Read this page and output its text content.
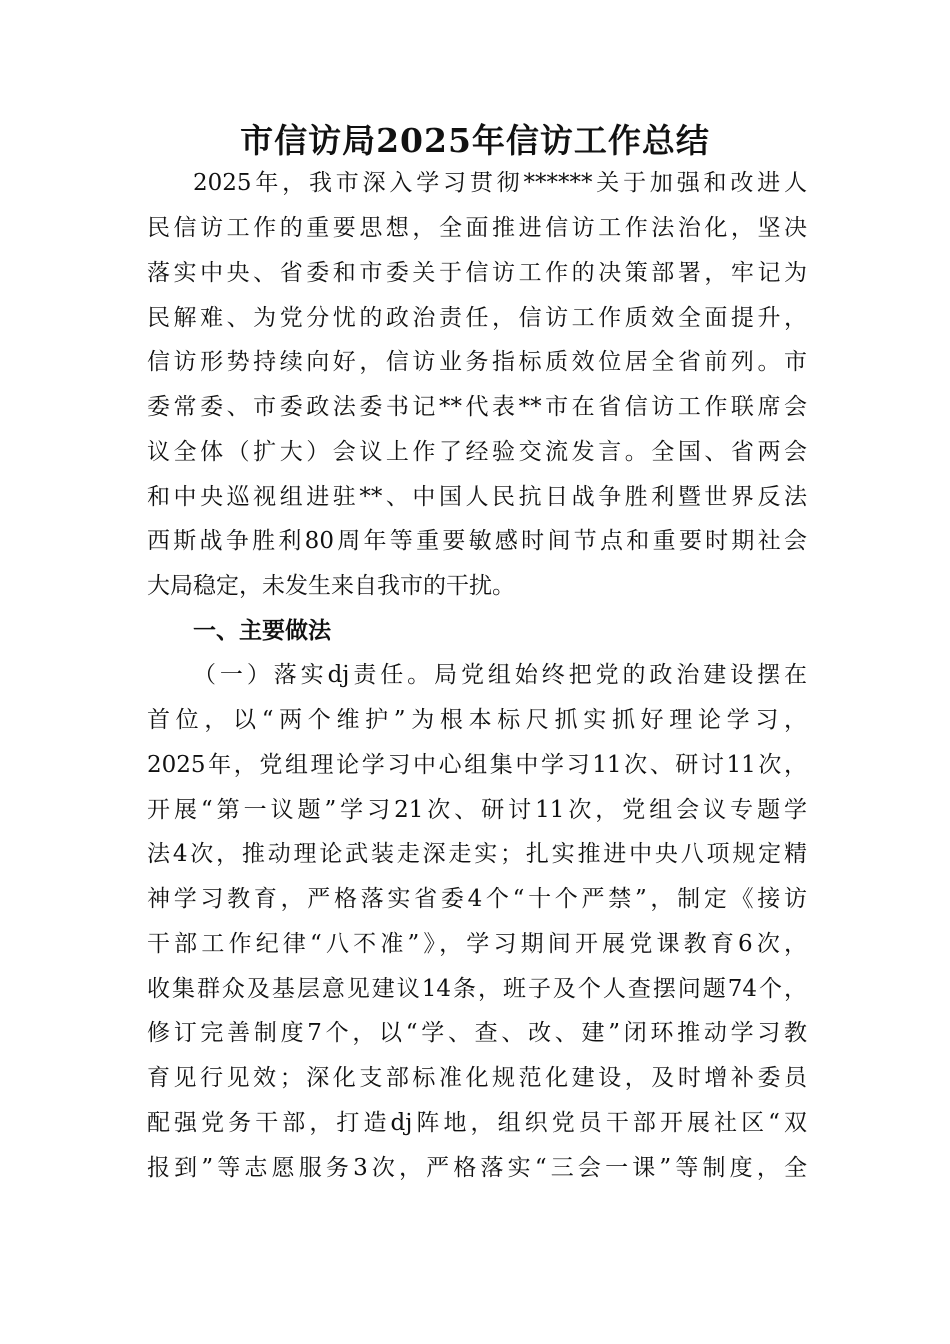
市信访局2025年信访工作总结
2025年，我市深入学习贯彻******关于加强和改进人
民信访工作的重要思想，全面推进信访工作法治化，坚决
落实中央、省委和市委关于信访工作的决策部署，牢记为
民解难、为党分忧的政治责任，信访工作质效全面提升，
信访形势持续向好，信访业务指标质效位居全省前列。市
委常委、市委政法委书记**代表**市在省信访工作联席会
议全体（扩大）会议上作了经验交流发言。全国、省两会
和中央巡视组进驻**、中国人民抗日战争胜利暨世界反法
西斯战争胜利80周年等重要敏感时间节点和重要时期社会
大局稳定，未发生来自我市的干扰。
一、主要做法
（一）落实dj责任。局党组始终把党的政治建设摆在
首位，以“两个维护”为根本标尺抓实抓好理论学习，
2025年，党组理论学习中心组集中学习11次、研讨11次，
开展“第一议题”学习21次、研讨11次，党组会议专题学
法4次，推动理论武装走深走实；扎实推进中央八项规定精
神学习教育，严格落实省委4个“十个严禁”，制定《接访
干部工作纪律“八不准”》，学习期间开展党课教育6次，
收集群众及基层意见建议14条，班子及个人查摆问题74个，
修订完善制度7个，以“学、查、改、建”闭环推动学习教
育见行见效；深化支部标准化规范化建设，及时增补委员
配强党务干部，打造dj阵地，组织党员干部开展社区“双
报到”等志愿服务3次，严格落实“三会一课”等制度，全
